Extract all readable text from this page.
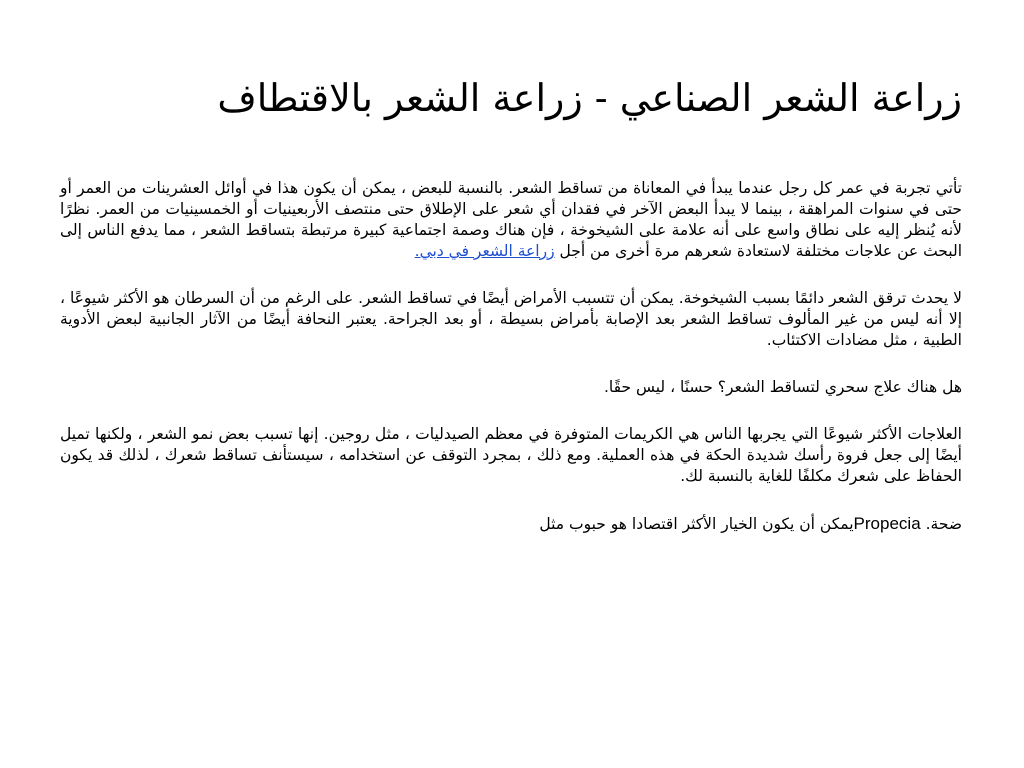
زراعة الشعر الصناعي - زراعة الشعر بالاقتطاف

تأتي تجربة في عمر كل رجل عندما يبدأ في المعاناة من تساقط الشعر. بالنسبة للبعض ، يمكن أن يكون هذا في أوائل العشرينات من العمر أو حتى في سنوات المراهقة ، بينما لا يبدأ البعض الآخر في فقدان أي شعر على الإطلاق حتى منتصف الأربعينيات أو الخمسينيات من العمر. نظرًا لأنه يُنظر إليه على نطاق واسع على أنه علامة على الشيخوخة ، فإن هناك وصمة اجتماعية كبيرة مرتبطة بتساقط الشعر ، مما يدفع الناس إلى البحث عن علاجات مختلفة لاستعادة شعرهم مرة أخرى من أجل زراعة الشعر في دبي.

لا يحدث ترقق الشعر دائمًا بسبب الشيخوخة. يمكن أن تتسبب الأمراض أيضًا في تساقط الشعر. على الرغم من أن السرطان هو الأكثر شيوعًا ، إلا أنه ليس من غير المألوف تساقط الشعر بعد الإصابة بأمراض بسيطة ، أو بعد الجراحة. يعتبر النحافة أيضًا من الآثار الجانبية لبعض الأدوية الطبية ، مثل مضادات الاكتئاب.

هل هناك علاج سحري لتساقط الشعر؟ حسنًا ، ليس حقًا.

العلاجات الأكثر شيوعًا التي يجربها الناس هي الكريمات المتوفرة في معظم الصيدليات ، مثل روجين. إنها تسبب بعض نمو الشعر ، ولكنها تميل أيضًا إلى جعل فروة رأسك شديدة الحكة في هذه العملية. ومع ذلك ، بمجرد التوقف عن استخدامه ، سيستأنف تساقط شعرك ، لذلك قد يكون الحفاظ على شعرك مكلفًا للغاية بالنسبة لك.

ضحة. Propeciaيمكن أن يكون الخيار الأكثر اقتصادا هو حبوب مثل
